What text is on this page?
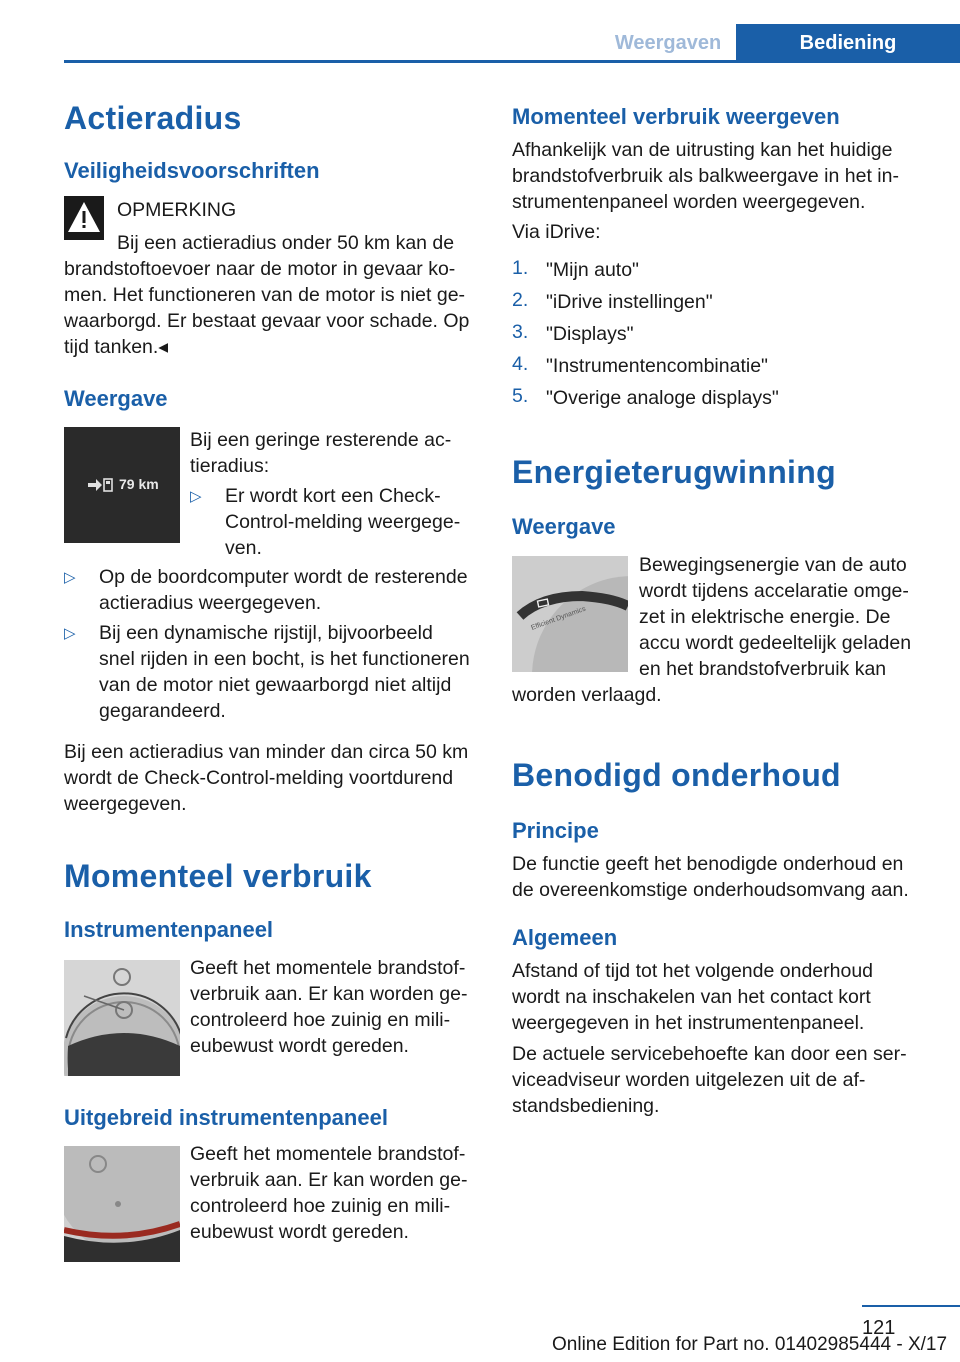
Weergaven	Bediening
Actieradius
Veiligheidsvoorschriften
OPMERKING
Bij een actieradius onder 50 km kan de
brandstoftoevoer naar de motor in gevaar ko-
men. Het functioneren van de motor is niet ge-
waarborgd. Er bestaat gevaar voor schade. Op
tijd tanken.◂
Weergave
79 km
Bij een geringe resterende ac-
tieradius:
▷ Er wordt kort een Check-
Control-melding weergege-
ven.
▷ Op de boordcomputer wordt de resterende
actieradius weergegeven.
▷ Bij een dynamische rijstijl, bijvoorbeeld
snel rijden in een bocht, is het functioneren
van de motor niet gewaarborgd niet altijd
gegarandeerd.
Bij een actieradius van minder dan circa 50 km
wordt de Check-Control-melding voortdurend
weergegeven.
Momenteel verbruik
Instrumentenpaneel
Geeft het momentele brandstof-
verbruik aan. Er kan worden ge-
controleerd hoe zuinig en mili-
eubewust wordt gereden.
Uitgebreid instrumentenpaneel
Geeft het momentele brandstof-
verbruik aan. Er kan worden ge-
controleerd hoe zuinig en mili-
eubewust wordt gereden.
Momenteel verbruik weergeven
Afhankelijk van de uitrusting kan het huidige
brandstofverbruik als balkweergave in het in-
strumentenpaneel worden weergegeven.
Via iDrive:
1. "Mijn auto"
2. "iDrive instellingen"
3. "Displays"
4. "Instrumentencombinatie"
5. "Overige analoge displays"
Energieterugwinning
Weergave
Efficient Dynamics
Bewegingsenergie van de auto
wordt tijdens accelaratie omge-
zet in elektrische energie. De
accu wordt gedeeltelijk geladen
en het brandstofverbruik kan
worden verlaagd.
Benodigd onderhoud
Principe
De functie geeft het benodigde onderhoud en
de overeenkomstige onderhoudsomvang aan.
Algemeen
Afstand of tijd tot het volgende onderhoud
wordt na inschakelen van het contact kort
weergegeven in het instrumentenpaneel.
De actuele servicebehoefte kan door een ser-
viceadviseur worden uitgelezen uit de af-
standsbediening.
121
Online Edition for Part no. 01402985444 - X/17
